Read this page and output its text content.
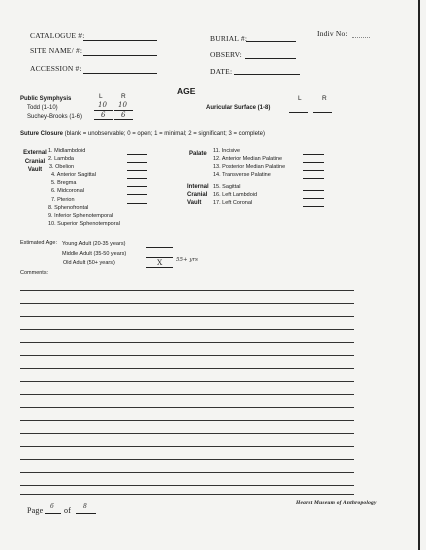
CATALOGUE #:
SITE NAME/ #:
ACCESSION #:
BURIAL #:
OBSERV:
DATE:
Indiv No:
AGE
Public Symphysis	L	R
Todd (1-10)	10 10
Suchey-Brooks (1-6)	6 6
L	R
Auricular Surface (1-8)
Suture Closure (blank = unobservable; 0 = open; 1 = minimal; 2 = significant; 3 = complete)
External
Cranial
Vault
1. Midlambdoid
2. Lambda
3. Obelion
4. Anterior Sagittal
5. Bregma
6. Midcoronal
7. Pterion
8. Sphenofrontal
9. Inferior Sphenotemporal
10. Superior Sphenotemporal
Palate 11. Incisive
12. Anterior Median Palatine
13. Posterior Median Palatine
14. Transverse Palatine
Internal
Cranial
Vault
15. Sagittal
16. Left Lambdoid
17. Left Coronal
Estimated Age: Young Adult (20-35 years)
Middle Adult (35-50 years)
Old Adult (50+ years)	X 55+ yrs
Comments:
Hearst Museum of Anthropology
Page 6 of 8
